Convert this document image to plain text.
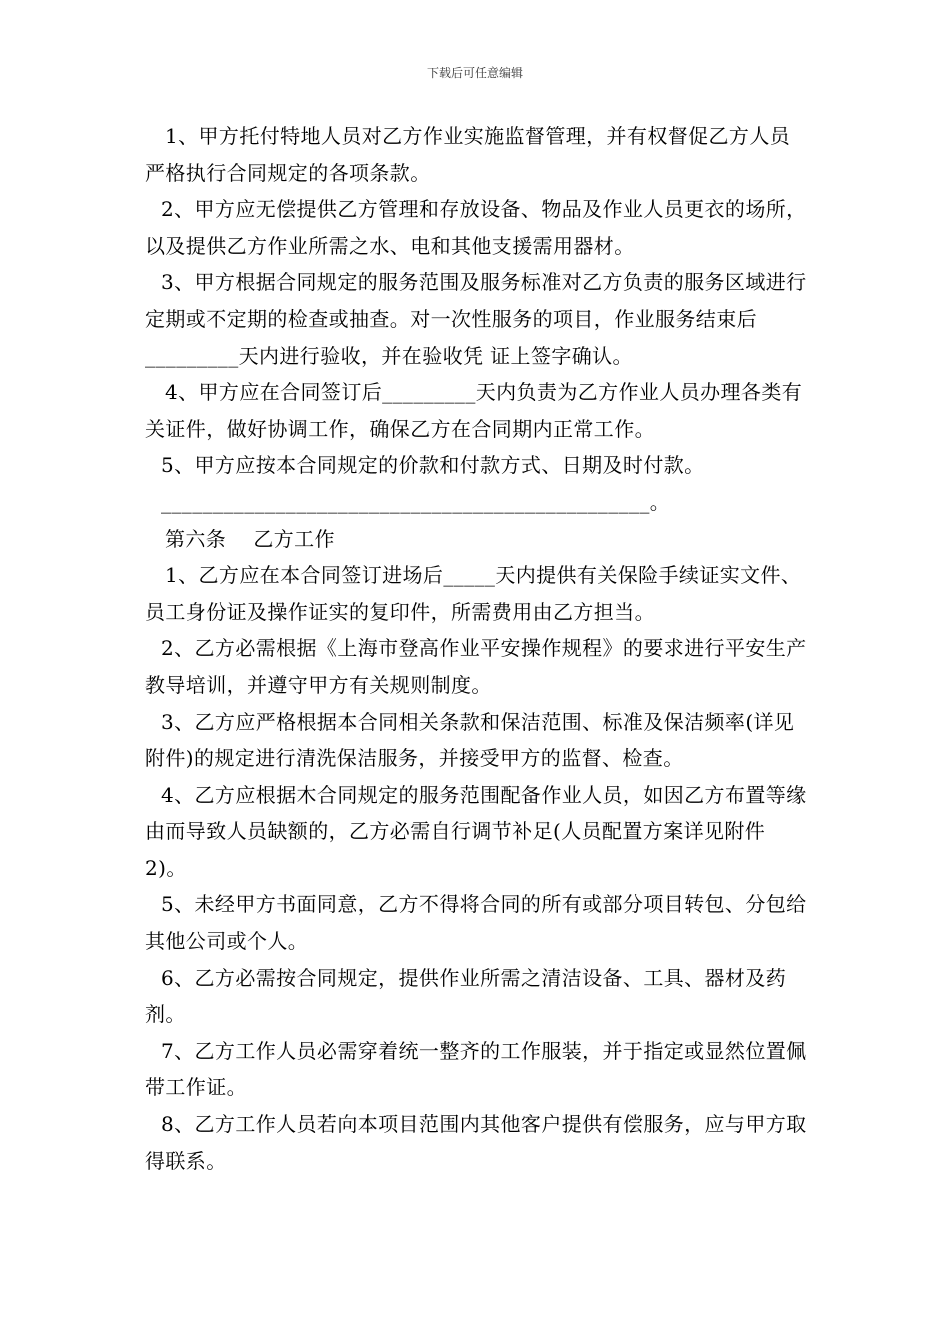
下载后可任意编辑

1、甲方托付特地人员对乙方作业实施监督管理，并有权督促乙方人员严格执行合同规定的各项条款。

2、甲方应无偿提供乙方管理和存放设备、物品及作业人员更衣的场所，以及提供乙方作业所需之水、电和其他支援需用器材。

3、甲方根据合同规定的服务范围及服务标准对乙方负责的服务区域进行定期或不定期的检查或抽查。对一次性服务的项目，作业服务结束后_________天内进行验收，并在验收凭 证上签字确认。

4、甲方应在合同签订后_________天内负责为乙方作业人员办理各类有关证件，做好协调工作，确保乙方在合同期内正常工作。

5、甲方应按本合同规定的价款和付款方式、日期及时付款。

_______________________________________________。

第六条　 乙方工作

1、乙方应在本合同签订进场后_____天内提供有关保险手续证实文件、员工身份证及操作证实的复印件，所需费用由乙方担当。

2、乙方必需根据《上海市登高作业平安操作规程》的要求进行平安生产教导培训，并遵守甲方有关规则制度。

3、乙方应严格根据本合同相关条款和保洁范围、标准及保洁频率(详见附件)的规定进行清洗保洁服务，并接受甲方的监督、检查。

4、乙方应根据木合同规定的服务范围配备作业人员，如因乙方布置等缘由而导致人员缺额的，乙方必需自行调节补足(人员配置方案详见附件 2)。

5、未经甲方书面同意，乙方不得将合同的所有或部分项目转包、分包给其他公司或个人。

6、乙方必需按合同规定，提供作业所需之清洁设备、工具、器材及药剂。

7、乙方工作人员必需穿着统一整齐的工作服装，并于指定或显然位置佩带工作证。

8、乙方工作人员若向本项目范围内其他客户提供有偿服务，应与甲方取得联系。
